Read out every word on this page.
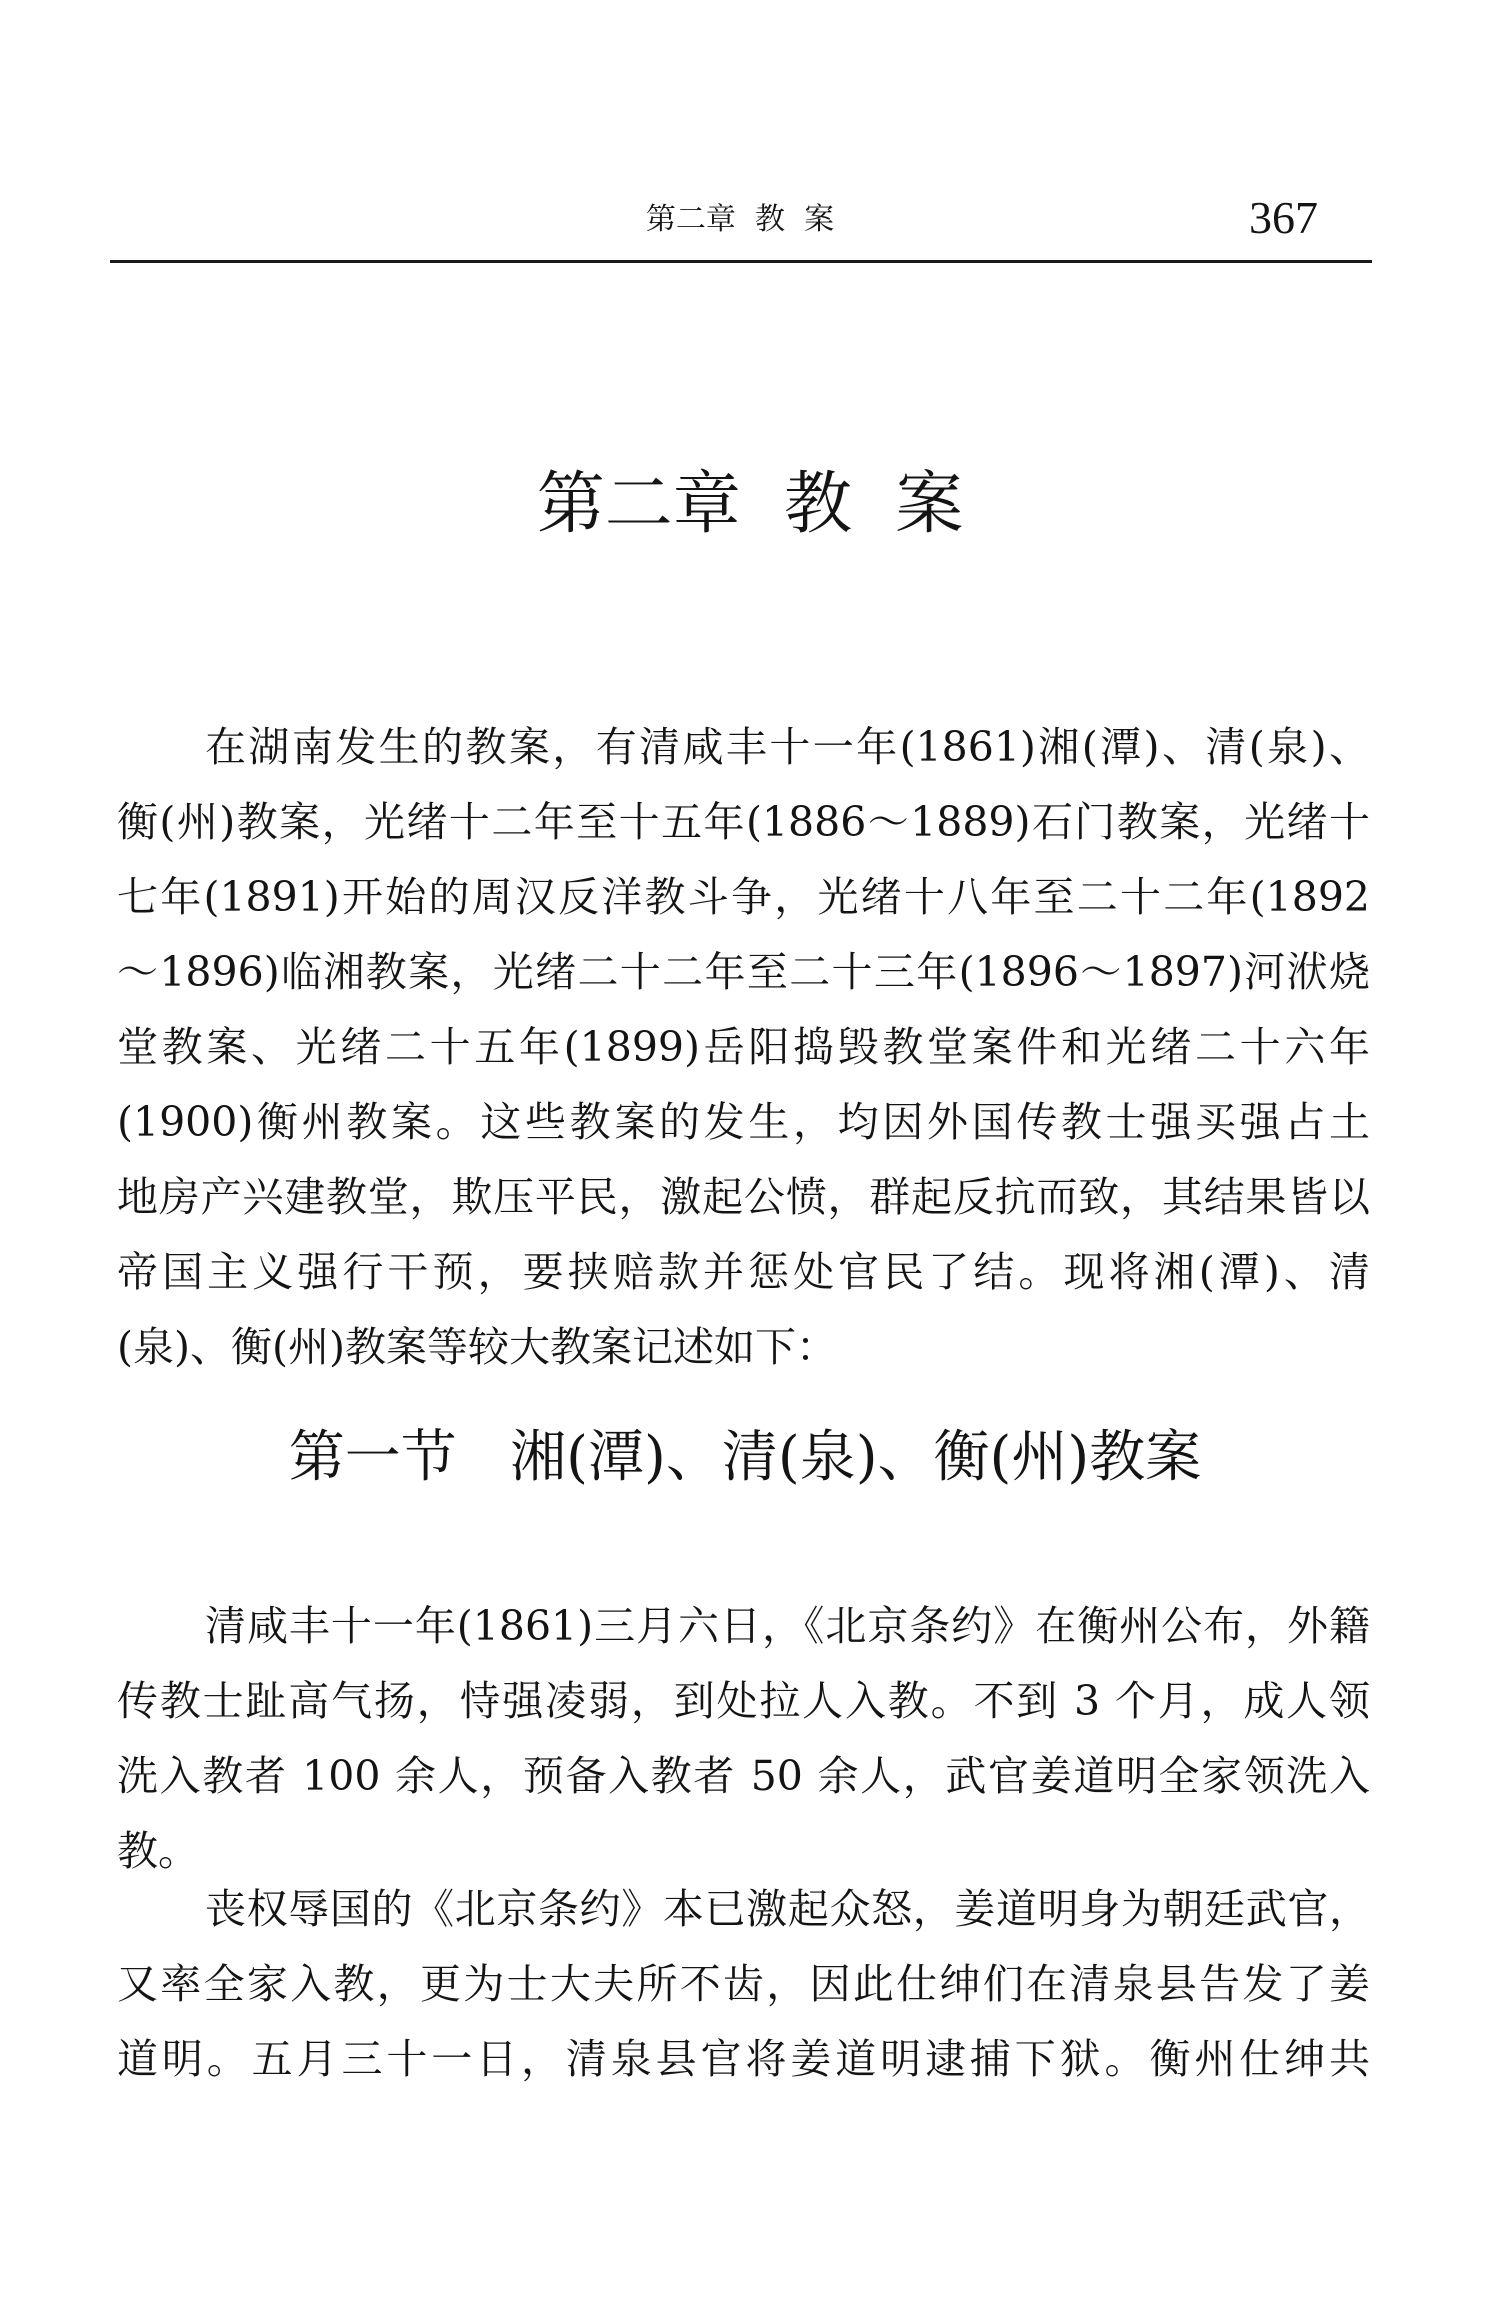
第二章  教  案	367
第二章  教  案
在湖南发生的教案，有清咸丰十一年(1861)湘(潭)、清(泉)、
衡(州)教案，光绪十二年至十五年(1886～1889)石门教案，光绪十
七年(1891)开始的周汉反洋教斗争，光绪十八年至二十二年(1892
～1896)临湘教案，光绪二十二年至二十三年(1896～1897)河洑烧
堂教案、光绪二十五年(1899)岳阳捣毁教堂案件和光绪二十六年
(1900)衡州教案。这些教案的发生，均因外国传教士强买强占土
地房产兴建教堂，欺压平民，激起公愤，群起反抗而致，其结果皆以
帝国主义强行干预，要挟赔款并惩处官民了结。现将湘(潭)、清
(泉)、衡(州)教案等较大教案记述如下：
第一节   湘(潭)、清(泉)、衡(州)教案
清咸丰十一年(1861)三月六日，《北京条约》在衡州公布，外籍
传教士趾高气扬，恃强凌弱，到处拉人入教。不到 3 个月，成人领
洗入教者 100 余人，预备入教者 50 余人，武官姜道明全家领洗入
教。
丧权辱国的《北京条约》本已激起众怒，姜道明身为朝廷武官，
又率全家入教，更为士大夫所不齿，因此仕绅们在清泉县告发了姜
道明。五月三十一日，清泉县官将姜道明逮捕下狱。衡州仕绅共
